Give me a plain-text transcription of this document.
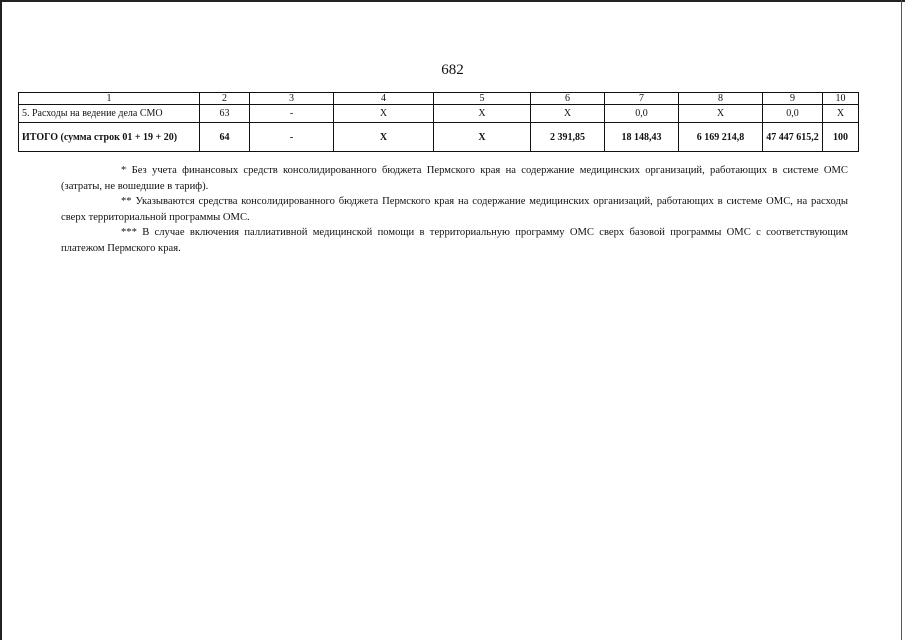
682
1	2	3	4	5	6	7	8	9	10
5. Расходы на ведение дела СМО	63	-	X	X	X	0,0	X	0,0	X
ИТОГО (сумма строк 01 + 19 + 20)	64	-	X	X	2 391,85	18 148,43	6 169 214,8	47 447 615,2	100

* Без учета финансовых средств консолидированного бюджета Пермского края на содержание медицинских организаций, работающих в системе ОМС (затраты, не вошедшие в тариф).

** Указываются средства консолидированного бюджета Пермского края на содержание медицинских организаций, работающих в системе ОМС, на расходы сверх территориальной программы ОМС.

*** В случае включения паллиативной медицинской помощи в территориальную программу ОМС сверх базовой программы ОМС с соответствующим платежом Пермского края.
